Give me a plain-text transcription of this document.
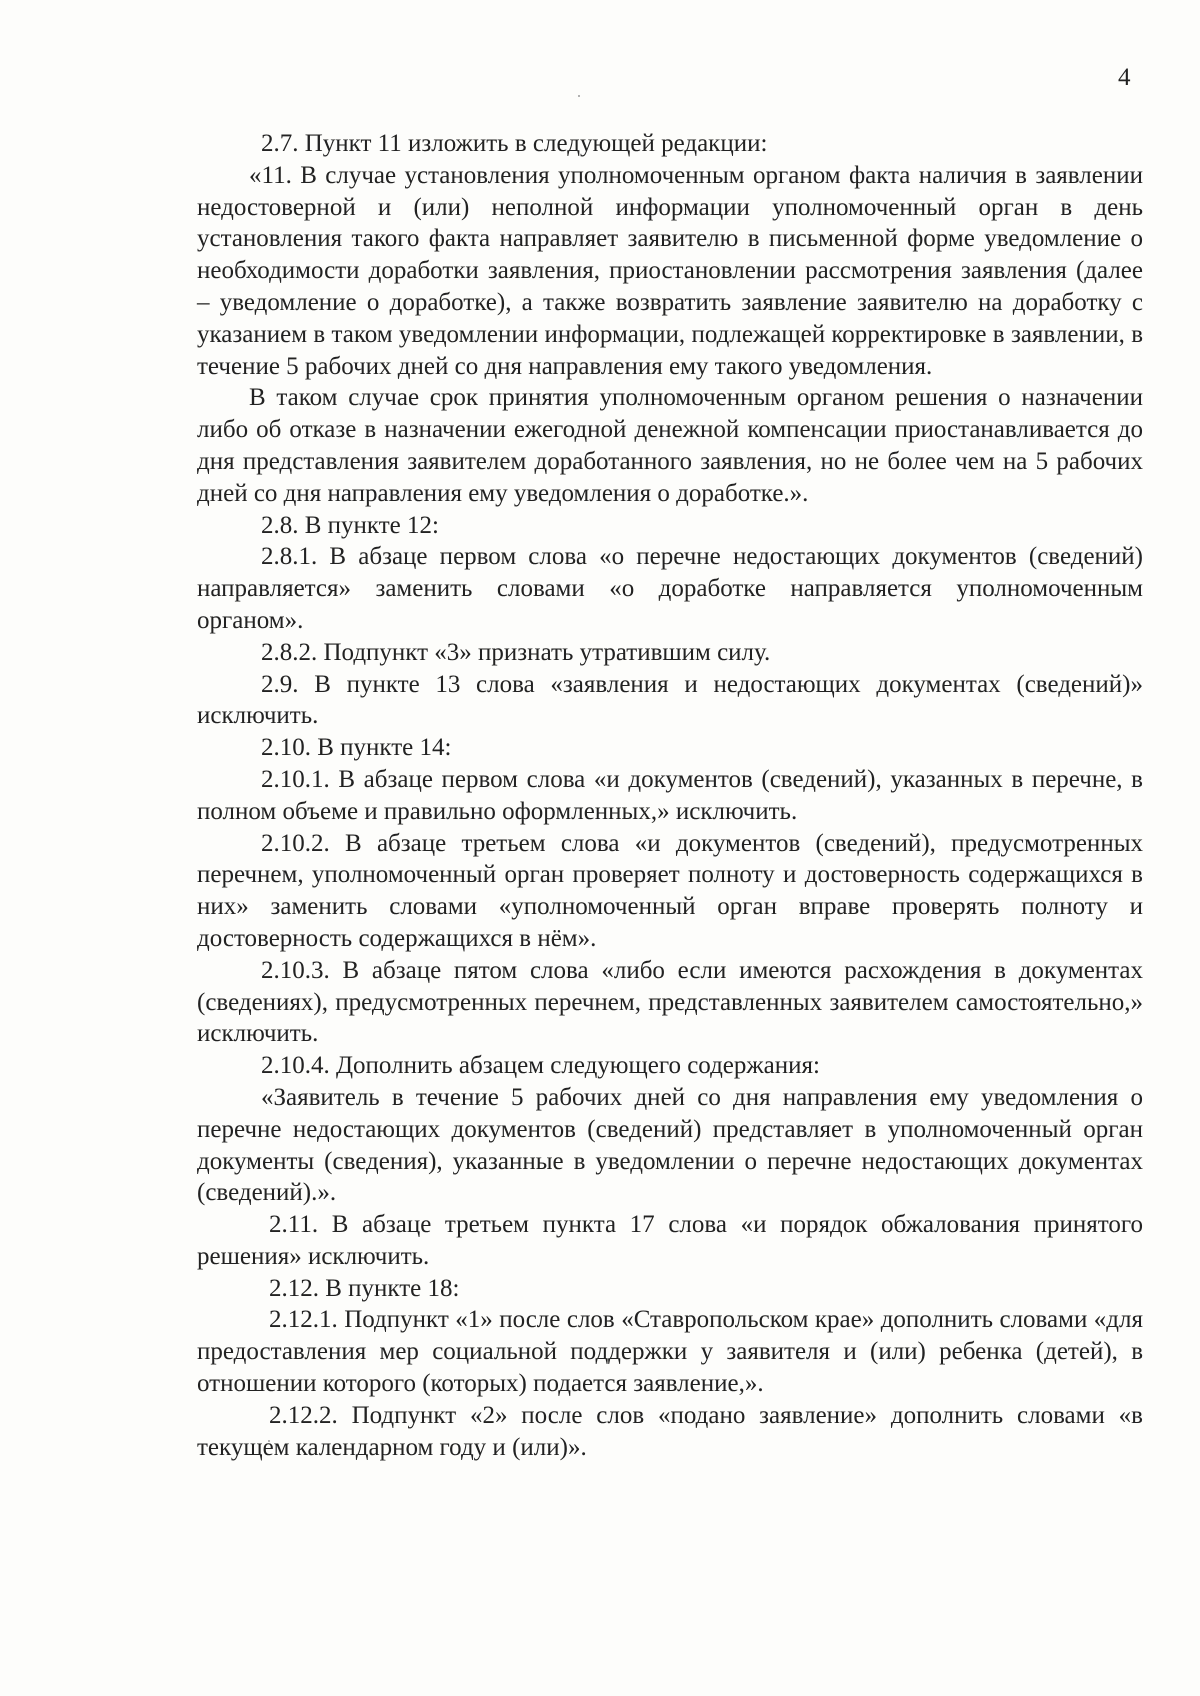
4

2.7. Пункт 11 изложить в следующей редакции:

«11. В случае установления уполномоченным органом факта наличия в заявлении недостоверной и (или) неполной информации уполномоченный орган в день установления такого факта направляет заявителю в письменной форме уведомление о необходимости доработки заявления, приостановлении рассмотрения заявления (далее – уведомление о доработке), а также возвратить заявление заявителю на доработку с указанием в таком уведомлении информации, подлежащей корректировке в заявлении, в течение 5 рабочих дней со дня направления ему такого уведомления.

В таком случае срок принятия уполномоченным органом решения о назначении либо об отказе в назначении ежегодной денежной компенсации приостанавливается до дня представления заявителем доработанного заявления, но не более чем на 5 рабочих дней со дня направления ему уведомления о доработке.».

2.8. В пункте 12:

2.8.1. В абзаце первом слова «о перечне недостающих документов (сведений) направляется» заменить словами «о доработке направляется уполномоченным органом».

2.8.2. Подпункт «3» признать утратившим силу.

2.9. В пункте 13 слова «заявления и недостающих документах (сведений)» исключить.

2.10. В пункте 14:

2.10.1. В абзаце первом слова «и документов (сведений), указанных в перечне, в полном объеме и правильно оформленных,» исключить.

2.10.2. В абзаце третьем слова «и документов (сведений), предусмотренных перечнем, уполномоченный орган проверяет полноту и достоверность содержащихся в них» заменить словами «уполномоченный орган вправе проверять полноту и достоверность содержащихся в нём».

2.10.3. В абзаце пятом слова «либо если имеются расхождения в документах (сведениях), предусмотренных перечнем, представленных заявителем самостоятельно,» исключить.

2.10.4. Дополнить абзацем следующего содержания:

«Заявитель в течение 5 рабочих дней со дня направления ему уведомления о перечне недостающих документов (сведений) представляет в уполномоченный орган документы (сведения), указанные в уведомлении о перечне недостающих документах (сведений).».

2.11. В абзаце третьем пункта 17 слова «и порядок обжалования принятого решения» исключить.

2.12. В пункте 18:

2.12.1. Подпункт «1» после слов «Ставропольском крае» дополнить словами «для предоставления мер социальной поддержки у заявителя и (или) ребенка (детей), в отношении которого (которых) подается заявление,».

2.12.2. Подпункт «2» после слов «подано заявление» дополнить словами «в текущем календарном году и (или)».
